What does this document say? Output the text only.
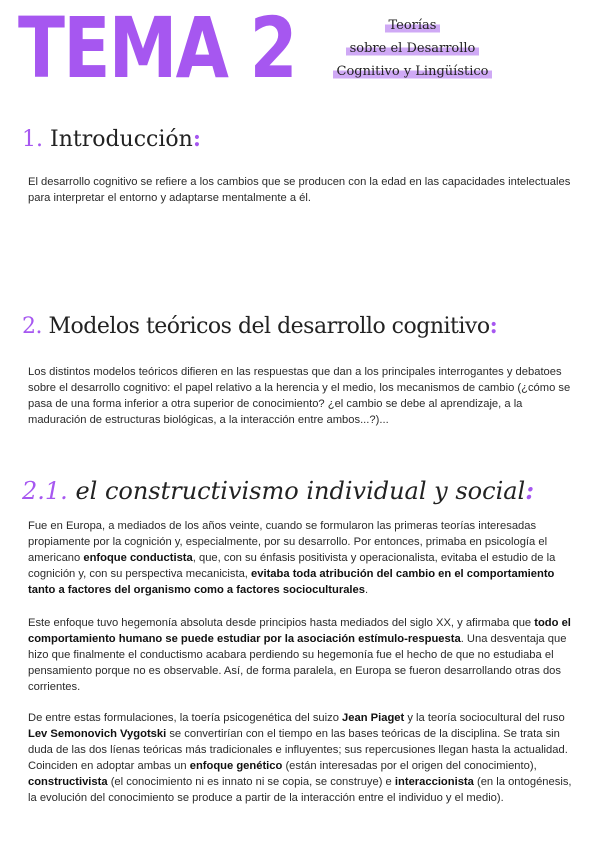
TEMA 2	Teorías
sobre el Desarrollo
Cognitivo y Lingüístico
1. Introducción:
El desarrollo cognitivo se refiere a los cambios que se producen con la edad en las capacidades intelectuales para interpretar el entorno y adaptarse mentalmente a él.
2. Modelos teóricos del desarrollo cognitivo:
Los distintos modelos teóricos difieren en las respuestas que dan a los principales interrogantes y debatoes sobre el desarrollo cognitivo: el papel relativo a la herencia y el medio, los mecanismos de cambio (¿cómo se pasa de una forma inferior a otra superior de conocimiento? ¿el cambio se debe al aprendizaje, a la maduración de estructuras biológicas, a la interacción entre ambos...?)...
2.1. el constructivismo individual y social:
Fue en Europa, a mediados de los años veinte, cuando se formularon las primeras teorías interesadas propiamente por la cognición y, especialmente, por su desarrollo. Por entonces, primaba en psicología el americano enfoque conductista, que, con su énfasis positivista y operacionalista, evitaba el estudio de la cognición y, con su perspectiva mecanicista, evitaba toda atribución del cambio en el comportamiento tanto a factores del organismo como a factores socioculturales.
Este enfoque tuvo hegemonía absoluta desde principios hasta mediados del siglo XX, y afirmaba que todo el comportamiento humano se puede estudiar por la asociación estímulo-respuesta. Una desventaja que hizo que finalmente el conductismo acabara perdiendo su hegemonía fue el hecho de que no estudiaba el pensamiento porque no es observable. Así, de forma paralela, en Europa se fueron desarrollando otras dos corrientes.
De entre estas formulaciones, la toería psicogenética del suizo Jean Piaget y la teoría sociocultural del ruso Lev Semonovich Vygotski se convertirían con el tiempo en las bases teóricas de la disciplina. Se trata sin duda de las dos líenas teóricas más tradicionales e influyentes; sus repercusiones llegan hasta la actualidad. Coinciden en adoptar ambas un enfoque genético (están interesadas por el origen del conocimiento), constructivista (el conocimiento ni es innato ni se copia, se construye) e interaccionista (en la ontogénesis, la evolución del conocimiento se produce a partir de la interacción entre el individuo y el medio).
